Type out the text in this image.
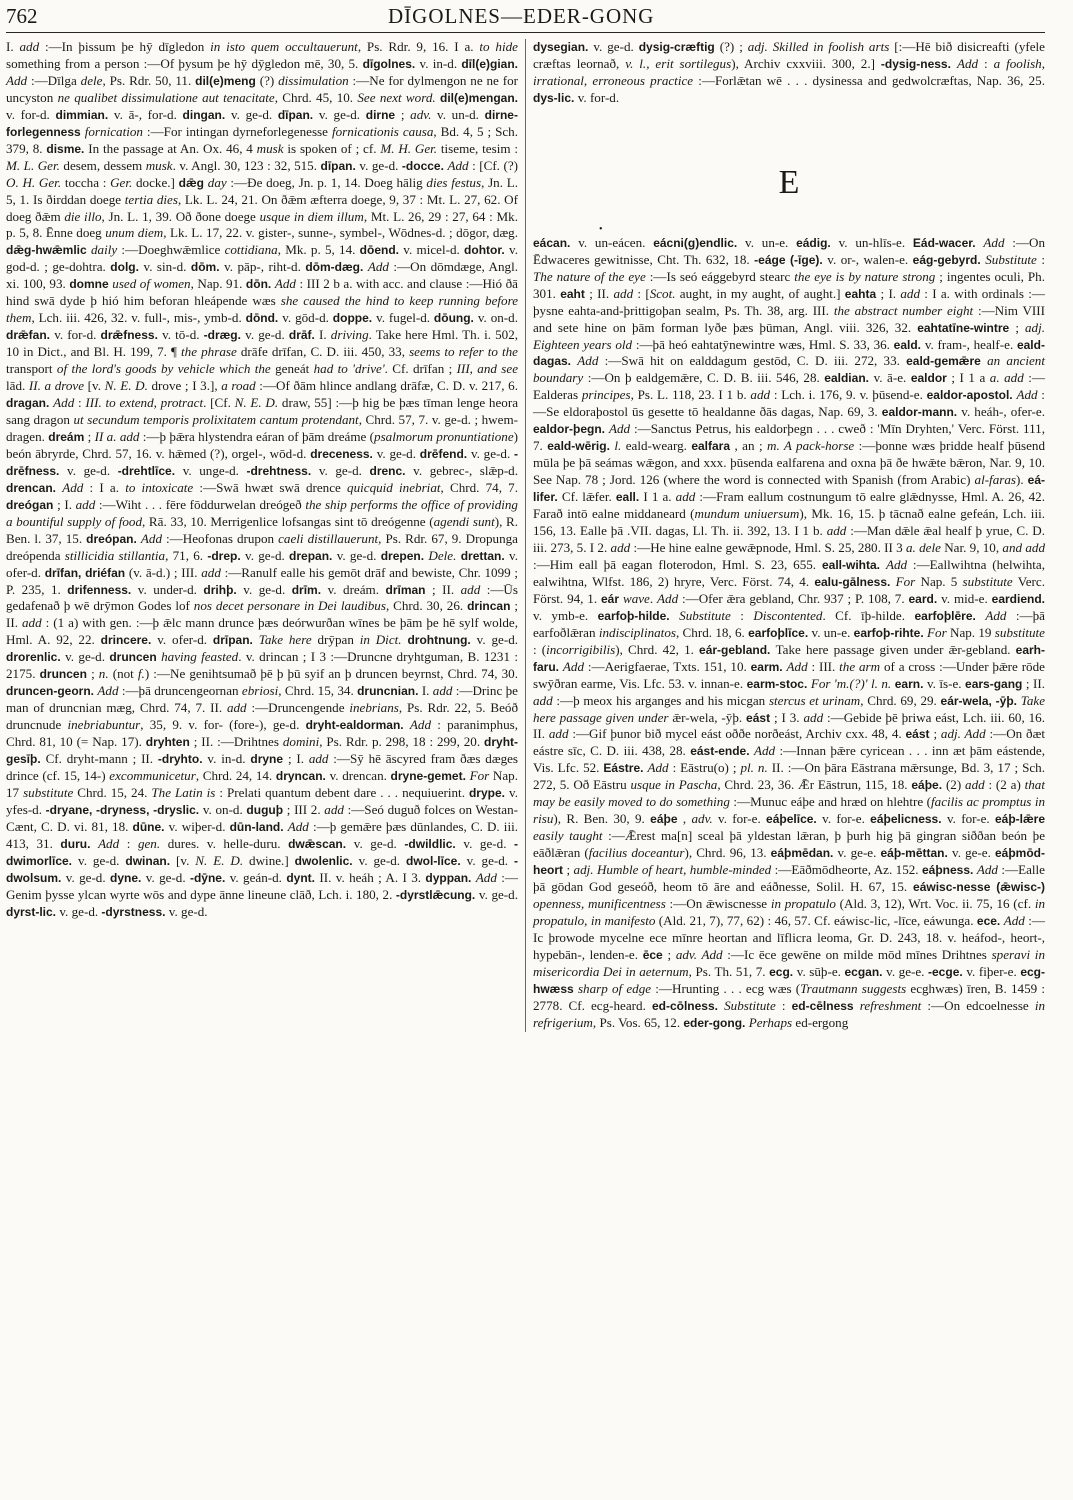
762	DĪGOLNES—EDER-GONG

I. add :—In þissum þe hȳ dīgledon in isto quem occultauerunt, Ps. Rdr. 9, 16. I a. to hide something from a person :—Of þysum þe hȳ dȳgledon mē, 30, 5. dīgolnes.v. in-d. dīl(e)gian.Add :—Dīlga dele, Ps. Rdr. 50, 11. dil(e)meng(?) dissimulation :—Ne for dylmengon ne ne for uncyston ne qualibet dissimulatione aut tenacitate, Chrd. 45, 10. See next word. dil(e)mengan.v. for-d. dimmian.v. ā-, for-d. dingan.v. ge-d. dīpan.v. ge-d. dirne; adv. v. un-d. dirne-forlegennessfornication :—For intingan dyrneforlegenesse fornicationis causa, Bd. 4, 5 ; Sch. 379, 8. disme.In the passage at An. Ox. 46, 4 musk is spoken of ; cf. M. H. Ger. tiseme, tesim : M. L. Ger. desem, dessem musk. v. Angl. 30, 123 : 32, 515. dīpan.v. ge-d. -docce.Add : [Cf. (?) O. H. Ger. toccha : Ger. docke.] dǣgday :—Ðe doeg, Jn. p. 1, 14. Doeg hālig dies festus, Jn. L. 5, 1. Is ðirddan doege tertia dies, Lk. L. 24, 21. On ðǣm æfterra doege, 9, 37 : Mt. L. 27, 62. Of doeg ðǣm die illo, Jn. L. 1, 39. Oð ðone doege usque in diem illum, Mt. L. 26, 29 : 27, 64 : Mk. p. 5, 8. Ēnne doeg unum diem, Lk. L. 17, 22. v. gister-, sunne-, symbel-, Wōdnes-d. ; dōgor, dæg. dǣg-hwǣmlicdaily :—Doeghwǣmlice cottidiana, Mk. p. 5, 14. dōend.v. micel-d. dohtor.v. god-d. ; ge-dohtra. dolg.v. sin-d. dōm.v. pāp-, riht-d. dōm-dæg.Add :—On dōmdæge, Angl. xi. 100, 93. domneused of women, Nap. 91. dōn.Add : III 2 b a. with acc. and clause :—Hió ðā hind swā dyde þ hió him beforan hleápende wæs she caused the hind to keep running before them, Lch. iii. 426, 32. v. full-, mis-, ymb-d. dōnd.v. gōd-d. doppe.v. fugel-d. dōung.v. on-d. drǣfan.v. for-d. drǣfness.v. tō-d. -dræg.v. ge-d. drāf.I. driving. Take here Hml. Th. i. 502, 10 in Dict., and Bl. H. 199, 7. ¶ the phrase drāfe drīfan, C. D. iii. 450, 33, seems to refer to the transport of the lord's goods by vehicle which the geneát had to 'drive'. Cf. drīfan ; III, and see lād. II. a drove [v. N. E. D. drove ; I 3.], a road :—Of ðām hlince andlang drāfæ, C. D. v. 217, 6. dragan.Add : III. to extend, protract. [Cf. N. E. D. draw, 55] :—þ hig be þæs tīman lenge heora sang dragon ut secundum temporis prolixitatem cantum protendant, Chrd. 57, 7. v. ge-d. ; hwem-dragen. dreám; II a. add :—þ þǣra hlystendra eáran of þām dreáme (psalmorum pronuntiatione) beón ābryrde, Chrd. 57, 16. v. hǣmed (?), orgel-, wōd-d. dreceness.v. ge-d. drēfend.v. ge-d. -drēfness.v. ge-d. -drehtlīce.v. unge-d. -drehtness.v. ge-d. drenc.v. gebrec-, slǣp-d. drencan.Add : I a. to intoxicate :—Swā hwæt swā drence quicquid inebriat, Chrd. 74, 7. dreógan; I. add :—Wiht . . . fēre fōddurwelan dreógeð the ship performs the office of providing a bountiful supply of food, Rā. 33, 10. Merrigenlice lofsangas sint tō dreógenne (agendi sunt), R. Ben. l. 37, 15. dreópan.Add :—Heofonas drupon caeli distillauerunt, Ps. Rdr. 67, 9. Dropunga dreópenda stillicidia stillantia, 71, 6. -drep.v. ge-d. drepan.v. ge-d. drepen.Dele. drettan.v. ofer-d. drīfan, driéfan(v. ā-d.) ; III. add :—Ranulf ealle his gemōt drāf and bewiste, Chr. 1099 ; P. 235, 1. drifenness.v. under-d. drihþ.v. ge-d. drīm.v. dreám. drīman; II. add :—Ūs gedafenað þ wē drȳmon Godes lof nos decet personare in Dei laudibus, Chrd. 30, 26. drincan; II. add : (1 a) with gen. :—þ ǣlc mann drunce þæs deórwurðan wīnes be þām þe hē sylf wolde, Hml. A. 92, 22. drincere.v. ofer-d. drīpan.Take here drȳpan in Dict. drohtnung.v. ge-d. drorenlic.v. ge-d. druncenhaving feasted. v. drincan ; I 3 :—Druncne dryhtguman, B. 1231 : 2175. druncen; n. (not f.) :—Ne genihtsumað þē þ þū syif an þ druncen beyrnst, Chrd. 74, 30. druncen-georn.Add :—þā druncengeornan ebriosi, Chrd. 15, 34. druncnian.I. add :—Drinc þe man of druncnian mæg, Chrd. 74, 7. II. add :—Druncengende inebrians, Ps. Rdr. 22, 5. Beóð druncnude inebriabuntur, 35, 9. v. for- (fore-), ge-d. dryht-ealdorman.Add : paranimphus, Chrd. 81, 10 (= Nap. 17). dryhten; II. :—Drihtnes domini, Ps. Rdr. p. 298, 18 : 299, 20. dryht-gesīþ.Cf. dryht-mann ; II. -dryhto.v. in-d. dryne; I. add :—Sȳ hē āscyred fram ðæs dæges drince (cf. 15, 14-) excommunicetur, Chrd. 24, 14. dryncan.v. drencan. dryne-gemet.For Nap. 17 substitute Chrd. 15, 24. The Latin is : Prelati quantum debent dare . . . nequiuerint. drype.v. yfes-d. -dryane, -dryness, -dryslic.v. on-d. duguþ; III 2. add :—Seó duguð folces on Westan-Cænt, C. D. vi. 81, 18. dūne.v. wiþer-d. dūn-land.Add :—þ gemǣre þæs dūnlandes, C. D. iii. 413, 31. duru.Add : gen. dures. v. helle-duru. dwǣscan.v. ge-d. -dwildlic.v. ge-d. -dwimorlīce.v. ge-d. dwinan.[v. N. E. D. dwine.] dwolenlic.v. ge-d. dwol-līce.v. ge-d. -dwolsum.v. ge-d. dyne.v. ge-d. -dȳne.v. geán-d. dynt.II. v. heáh ; A. I 3. dyppan.Add :—Genim þysse ylcan wyrte wōs and dype ānne lineune clāð, Lch. i. 180, 2. -dyrstlǣcung.v. ge-d. dyrst-lic.v. ge-d. -dyrstness.v. ge-d.

dysegian.v. ge-d. dysig-cræftig(?) ; adj. Skilled in foolish arts [:—Hē bið disicreafti (yfele cræftas leornað, v. l., erit sortilegus), Archiv cxxviii. 300, 2.] -dysig-ness.Add : a foolish, irrational, erroneous practice :—Forlǣtan wē . . . dysinessa and gedwolcræftas, Nap. 36, 25. dys-lic.v. for-d.

E
•

eácan.v. un-eácen. eácni(g)endlic.v. un-e. eádig.v. un-hlīs-e. Eád-wacer.Add :—On Ēdwaceres gewitnisse, Cht. Th. 632, 18. -eáge (-īge).v. or-, walen-e. eág-gebyrd.Substitute : The nature of the eye :—Is seó eággebyrd stearc the eye is by nature strong ; ingentes oculi, Ph. 301. eaht; II. add : [Scot. aught, in my aught, of aught.] eahta; I. add : I a. with ordinals :—þysne eahta-and-þrittigoþan sealm, Ps. Th. 38, arg. III. the abstract number eight :—Nim VIII and sete hine on þām forman lyðe þæs þūman, Angl. viii. 326, 32. eahtatīne-wintre; adj. Eighteen years old :—þā heó eahtatȳnewintre wæs, Hml. S. 33, 36. eald.v. fram-, healf-e. eald-dagas.Add :—Swā hit on ealddagum gestōd, C. D. iii. 272, 33. eald-gemǣrean ancient boundary :—On þ ealdgemǣre, C. D. B. iii. 546, 28. ealdian.v. ā-e. ealdor; I 1 a a. add :—Ealderas principes, Ps. L. 118, 23. I 1 b. add : Lch. i. 176, 9. v. þūsend-e. ealdor-apostol.Add :—Se eldoraþostol ūs gesette tō healdanne ðās dagas, Nap. 69, 3. ealdor-mann.v. heáh-, ofer-e. ealdor-þegn.Add :—Sanctus Petrus, his ealdorþegn . . . cweð : 'Mīn Dryhten,' Verc. Först. 111, 7. eald-wērig.l. eald-wearg. ealfara , an ; m. A pack-horse :—þonne wæs þridde healf þūsend mūla þe þā seámas wǣgon, and xxx. þūsenda ealfarena and oxna þā ðe hwǣte bǣron, Nar. 9, 10. See Nap. 78 ; Jord. 126 (where the word is connected with Spanish (from Arabic) al-faras). eá-lifer.Cf. lǣfer. eall.I 1 a. add :—Fram eallum costnungum tō ealre glǣdnysse, Hml. A. 26, 42. Farað intō ealne middaneard (mundum uniuersum), Mk. 16, 15. þ tācnað ealne gefeán, Lch. iii. 156, 13. Ealle þā .VII. dagas, Ll. Th. ii. 392, 13. I 1 b. add :—Man dǣle ǣal healf þ yrue, C. D. iii. 273, 5. I 2. add :—He hine ealne gewǣpnode, Hml. S. 25, 280. II 3 a. dele Nar. 9, 10, and add :—Him eall þā eagan floterodon, Hml. S. 23, 655. eall-wihta.Add :—Eallwihtna (helwihta, ealwihtna, Wlfst. 186, 2) hryre, Verc. Först. 74, 4. ealu-gālness.For Nap. 5 substitute Verc. Först. 94, 1. eárwave. Add :—Ofer ǣra gebland, Chr. 937 ; P. 108, 7. eard.v. mid-e. eardiend.v. ymb-e. earfoþ-hilde.Substitute : Discontented. Cf. īþ-hilde. earfoþlēre.Add :—þā earfoðlǣran indisciplinatos, Chrd. 18, 6. earfoþlīce.v. un-e. earfoþ-rihte.For Nap. 19 substitute : (incorrigibilis), Chrd. 42, 1. eár-gebland.Take here passage given under ǣr-gebland. earh-faru.Add :—Aerigfaerae, Txts. 151, 10. earm.Add : III. the arm of a cross :—Under þǣre rōde swȳðran earme, Vis. Lfc. 53. v. innan-e. earm-stoc.For 'm.(?)' l. n. earn.v. īs-e. ears-gang; II. add :—þ meox his arganges and his micgan stercus et urinam, Chrd. 69, 29. eár-wela, -ȳþ.Take here passage given under ǣr-wela, -ȳþ. eást; I 3. add :—Gebide þē þriwa eást, Lch. iii. 60, 16. II. add :—Gif þunor bið mycel eást oððe norðeást, Archiv cxx. 48, 4. eást; adj. Add :—On ðæt eástre sīc, C. D. iii. 438, 28. eást-ende.Add :—Innan þǣre cyricean . . . inn æt þām eástende, Vis. Lfc. 52. Eástre.Add : Eāstru(o) ; pl. n. II. :—On þāra Eāstrana mǣrsunge, Bd. 3, 17 ; Sch. 272, 5. Oð Eāstru usque in Pascha, Chrd. 23, 36. Ǣr Eāstrun, 115, 18. eáþe.(2) add : (2 a) that may be easily moved to do something :—Munuc eáþe and hræd on hlehtre (facilis ac promptus in risu), R. Ben. 30, 9. eáþe , adv. v. for-e. eáþelīce.v. for-e. eáþelicness.v. for-e. eáþ-lǣreeasily taught :—Ǣrest ma[n] sceal þā yldestan lǣran, þ þurh hig þā gingran siððan beón þe eāðlǣran (facilius doceantur), Chrd. 96, 13. eáþmēdan.v. ge-e. eáþ-mēttan.v. ge-e. eáþmōd-heort; adj. Humble of heart, humble-minded :—Eāðmōdheorte, Az. 152. eáþness.Add :—Ealle þā gōdan God geseóð, heom tō āre and eáðnesse, Solil. H. 67, 15. eáwisc-nesse (ǣwisc-)openness, munificentness :—On ǣwiscnesse in propatulo (Ald. 3, 12), Wrt. Voc. ii. 75, 16 (cf. in propatulo, in manifesto (Ald. 21, 7), 77, 62) : 46, 57. Cf. eáwisc-lic, -līce, eáwunga. ece.Add :—Ic þrowode mycelne ece mīnre heortan and līflicra leoma, Gr. D. 243, 18. v. heáfod-, heort-, hypebān-, lenden-e. ēce; adv. Add :—Ic ēce gewēne on milde mōd mīnes Drihtnes speravi in misericordia Dei in aeternum, Ps. Th. 51, 7. ecg.v. sūþ-e. ecgan.v. ge-e. -ecge.v. fiþer-e. ecg-hwæsssharp of edge :—Hrunting . . . ecg wæs (Trautmann suggests ecghwæs) īren, B. 1459 : 2778. Cf. ecg-heard. ed-cōlness.Substitute : ed-cēlnessrefreshment :—On edcoelnesse in refrigerium, Ps. Vos. 65, 12. eder-gong.Perhaps ed-ergong
